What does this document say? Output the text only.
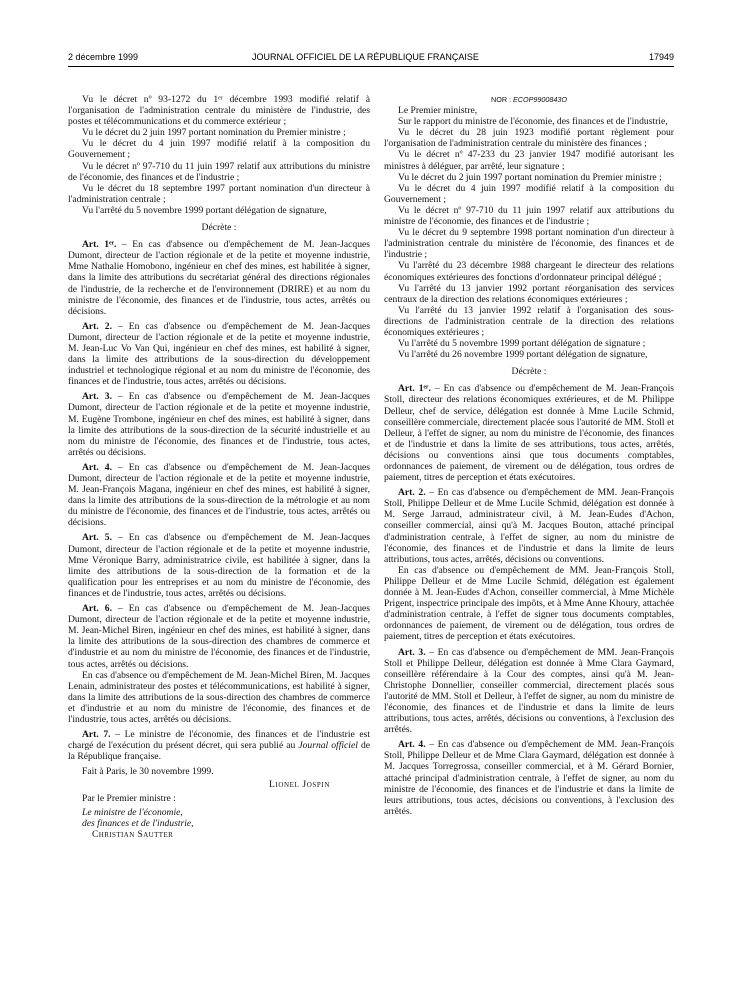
2 décembre 1999	JOURNAL OFFICIEL DE LA RÉPUBLIQUE FRANÇAISE	17949

Vu le décret nº 93-1272 du 1ᵉʳ décembre 1993 modifié relatif à l'organisation de l'administration centrale du ministère de l'industrie, des postes et télécommunications et du commerce extérieur ;

Vu le décret du 2 juin 1997 portant nomination du Premier ministre ;

Vu le décret du 4 juin 1997 modifié relatif à la composition du Gouvernement ;

Vu le décret nº 97-710 du 11 juin 1997 relatif aux attributions du ministre de l'économie, des finances et de l'industrie ;

Vu le décret du 18 septembre 1997 portant nomination d'un directeur à l'administration centrale ;

Vu l'arrêté du 5 novembre 1999 portant délégation de signature,

Décrète :

Art. 1ᵉʳ. – En cas d'absence ou d'empêchement de M. Jean-Jacques Dumont, directeur de l'action régionale et de la petite et moyenne industrie, Mme Nathalie Homobono, ingénieur en chef des mines, est habilitée à signer, dans la limite des attributions du secrétariat général des directions régionales de l'industrie, de la recherche et de l'environnement (DRIRE) et au nom du ministre de l'économie, des finances et de l'industrie, tous actes, arrêtés ou décisions.

Art. 2. – En cas d'absence ou d'empêchement de M. Jean-Jacques Dumont, directeur de l'action régionale et de la petite et moyenne industrie, M. Jean-Luc Vo Van Qui, ingénieur en chef des mines, est habilité à signer, dans la limite des attributions de la sous-direction du développement industriel et technologique régional et au nom du ministre de l'économie, des finances et de l'industrie, tous actes, arrêtés ou décisions.

Art. 3. – En cas d'absence ou d'empêchement de M. Jean-Jacques Dumont, directeur de l'action régionale et de la petite et moyenne industrie, M. Eugène Trombone, ingénieur en chef des mines, est habilité à signer, dans la limite des attributions de la sous-direction de la sécurité industrielle et au nom du ministre de l'économie, des finances et de l'industrie, tous actes, arrêtés ou décisions.

Art. 4. – En cas d'absence ou d'empêchement de M. Jean-Jacques Dumont, directeur de l'action régionale et de la petite et moyenne industrie, M. Jean-François Magana, ingénieur en chef des mines, est habilité à signer, dans la limite des attributions de la sous-direction de la métrologie et au nom du ministre de l'économie, des finances et de l'industrie, tous actes, arrêtés ou décisions.

Art. 5. – En cas d'absence ou d'empêchement de M. Jean-Jacques Dumont, directeur de l'action régionale et de la petite et moyenne industrie, Mme Véronique Barry, administratrice civile, est habilitée à signer, dans la limite des attributions de la sous-direction de la formation et de la qualification pour les entreprises et au nom du ministre de l'économie, des finances et de l'industrie, tous actes, arrêtés ou décisions.

Art. 6. – En cas d'absence ou d'empêchement de M. Jean-Jacques Dumont, directeur de l'action régionale et de la petite et moyenne industrie, M. Jean-Michel Biren, ingénieur en chef des mines, est habilité à signer, dans la limite des attributions de la sous-direction des chambres de commerce et d'industrie et au nom du ministre de l'économie, des finances et de l'industrie, tous actes, arrêtés ou décisions.

En cas d'absence ou d'empêchement de M. Jean-Michel Biren, M. Jacques Lenain, administrateur des postes et télécommunications, est habilité à signer, dans la limite des attributions de la sous-direction des chambres de commerce et d'industrie et au nom du ministre de l'économie, des finances et de l'industrie, tous actes, arrêtés ou décisions.

Art. 7. – Le ministre de l'économie, des finances et de l'industrie est chargé de l'exécution du présent décret, qui sera publié au Journal officiel de la République française.

Fait à Paris, le 30 novembre 1999.

Lionel Jospin

Par le Premier ministre :

Le ministre de l'économie,

des finances et de l'industrie,

Christian Sautter

NOR : ECOP9900843O

Le Premier ministre,

Sur le rapport du ministre de l'économie, des finances et de l'industrie,

Vu le décret du 28 juin 1923 modifié portant règlement pour l'organisation de l'administration centrale du ministère des finances ;

Vu le décret nº 47-233 du 23 janvier 1947 modifié autorisant les ministres à déléguer, par arrêté, leur signature ;

Vu le décret du 2 juin 1997 portant nomination du Premier ministre ;

Vu le décret du 4 juin 1997 modifié relatif à la composition du Gouvernement ;

Vu le décret nº 97-710 du 11 juin 1997 relatif aux attributions du ministre de l'économie, des finances et de l'industrie ;

Vu le décret du 9 septembre 1998 portant nomination d'un directeur à l'administration centrale du ministère de l'économie, des finances et de l'industrie ;

Vu l'arrêté du 23 décembre 1988 chargeant le directeur des relations économiques extérieures des fonctions d'ordonnateur principal délégué ;

Vu l'arrêté du 13 janvier 1992 portant réorganisation des services centraux de la direction des relations économiques extérieures ;

Vu l'arrêté du 13 janvier 1992 relatif à l'organisation des sous-directions de l'administration centrale de la direction des relations économiques extérieures ;

Vu l'arrêté du 5 novembre 1999 portant délégation de signature ;

Vu l'arrêté du 26 novembre 1999 portant délégation de signature,

Décrète :

Art. 1ᵉʳ. – En cas d'absence ou d'empêchement de M. Jean-François Stoll, directeur des relations économiques extérieures, et de M. Philippe Delleur, chef de service, délégation est donnée à Mme Lucile Schmid, conseillère commerciale, directement placée sous l'autorité de MM. Stoll et Delleur, à l'effet de signer, au nom du ministre de l'économie, des finances et de l'industrie et dans la limite de ses attributions, tous actes, arrêtés, décisions ou conventions ainsi que tous documents comptables, ordonnances de paiement, de virement ou de délégation, tous ordres de paiement, titres de perception et états exécutoires.

Art. 2. – En cas d'absence ou d'empêchement de MM. Jean-François Stoll, Philippe Delleur et de Mme Lucile Schmid, délégation est donnée à M. Serge Jarraud, administrateur civil, à M. Jean-Eudes d'Achon, conseiller commercial, ainsi qu'à M. Jacques Bouton, attaché principal d'administration centrale, à l'effet de signer, au nom du ministre de l'économie, des finances et de l'industrie et dans la limite de leurs attributions, tous actes, arrêtés, décisions ou conventions.

En cas d'absence ou d'empêchement de MM. Jean-François Stoll, Philippe Delleur et de Mme Lucile Schmid, délégation est également donnée à M. Jean-Eudes d'Achon, conseiller commercial, à Mme Michèle Prigent, inspectrice principale des impôts, et à Mme Anne Khoury, attachée d'administration centrale, à l'effet de signer tous documents comptables, ordonnances de paiement, de virement ou de délégation, tous ordres de paiement, titres de perception et états exécutoires.

Art. 3. – En cas d'absence ou d'empêchement de MM. Jean-François Stoll et Philippe Delleur, délégation est donnée à Mme Clara Gaymard, conseillère référendaire à la Cour des comptes, ainsi qu'à M. Jean-Christophe Donnellier, conseiller commercial, directement placés sous l'autorité de MM. Stoll et Delleur, à l'effet de signer, au nom du ministre de l'économie, des finances et de l'industrie et dans la limite de leurs attributions, tous actes, arrêtés, décisions ou conventions, à l'exclusion des arrêtés.

Art. 4. – En cas d'absence ou d'empêchement de MM. Jean-François Stoll, Philippe Delleur et de Mme Clara Gaymard, délégation est donnée à M. Jacques Torregrossa, conseiller commercial, et à M. Gérard Bornier, attaché principal d'administration centrale, à l'effet de signer, au nom du ministre de l'économie, des finances et de l'industrie et dans la limite de leurs attributions, tous actes, décisions ou conventions, à l'exclusion des arrêtés.
